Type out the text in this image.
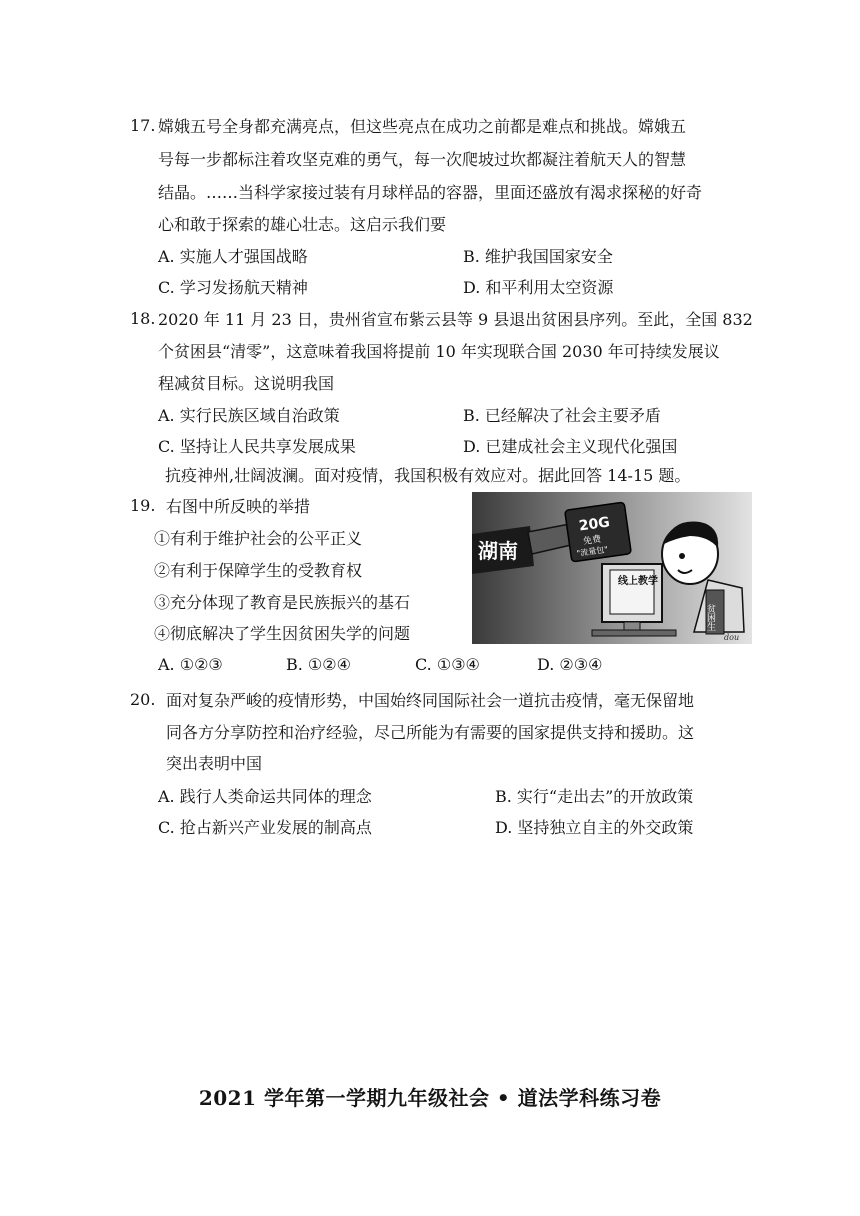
17. 嫦娥五号全身都充满亮点，但这些亮点在成功之前都是难点和挑战。嫦娥五
号每一步都标注着攻坚克难的勇气，每一次爬坡过坎都凝注着航天人的智慧
结晶。……当科学家接过装有月球样品的容器，里面还盛放有渴求探秘的好奇
心和敢于探索的雄心壮志。这启示我们要
A. 实施人才强国战略	B. 维护我国国家安全
C. 学习发扬航天精神	D. 和平利用太空资源
18. 2020 年 11 月 23 日，贵州省宣布紫云县等 9 县退出贫困县序列。至此，全国 832
个贫困县“清零”，这意味着我国将提前 10 年实现联合国 2030 年可持续发展议
程减贫目标。这说明我国
A. 实行民族区域自治政策	B. 已经解决了社会主要矛盾
C. 坚持让人民共享发展成果	D. 已建成社会主义现代化强国
抗疫神州,壮阔波澜。面对疫情，我国积极有效应对。据此回答 14-15 题。
19. 右图中所反映的举措
①有利于维护社会的公平正义
②有利于保障学生的受教育权
③充分体现了教育是民族振兴的基石
④彻底解决了学生因贫困失学的问题
湖南
20G
免费
"流量包"
贫困生
线上教学
dou
A. ①②③	B. ①②④	C. ①③④	D. ②③④
20. 面对复杂严峻的疫情形势，中国始终同国际社会一道抗击疫情，毫无保留地
同各方分享防控和治疗经验，尽己所能为有需要的国家提供支持和援助。这
突出表明中国
A. 践行人类命运共同体的理念	B. 实行“走出去”的开放政策
C. 抢占新兴产业发展的制高点	D. 坚持独立自主的外交政策
2021 学年第一学期九年级社会 • 道法学科练习卷
